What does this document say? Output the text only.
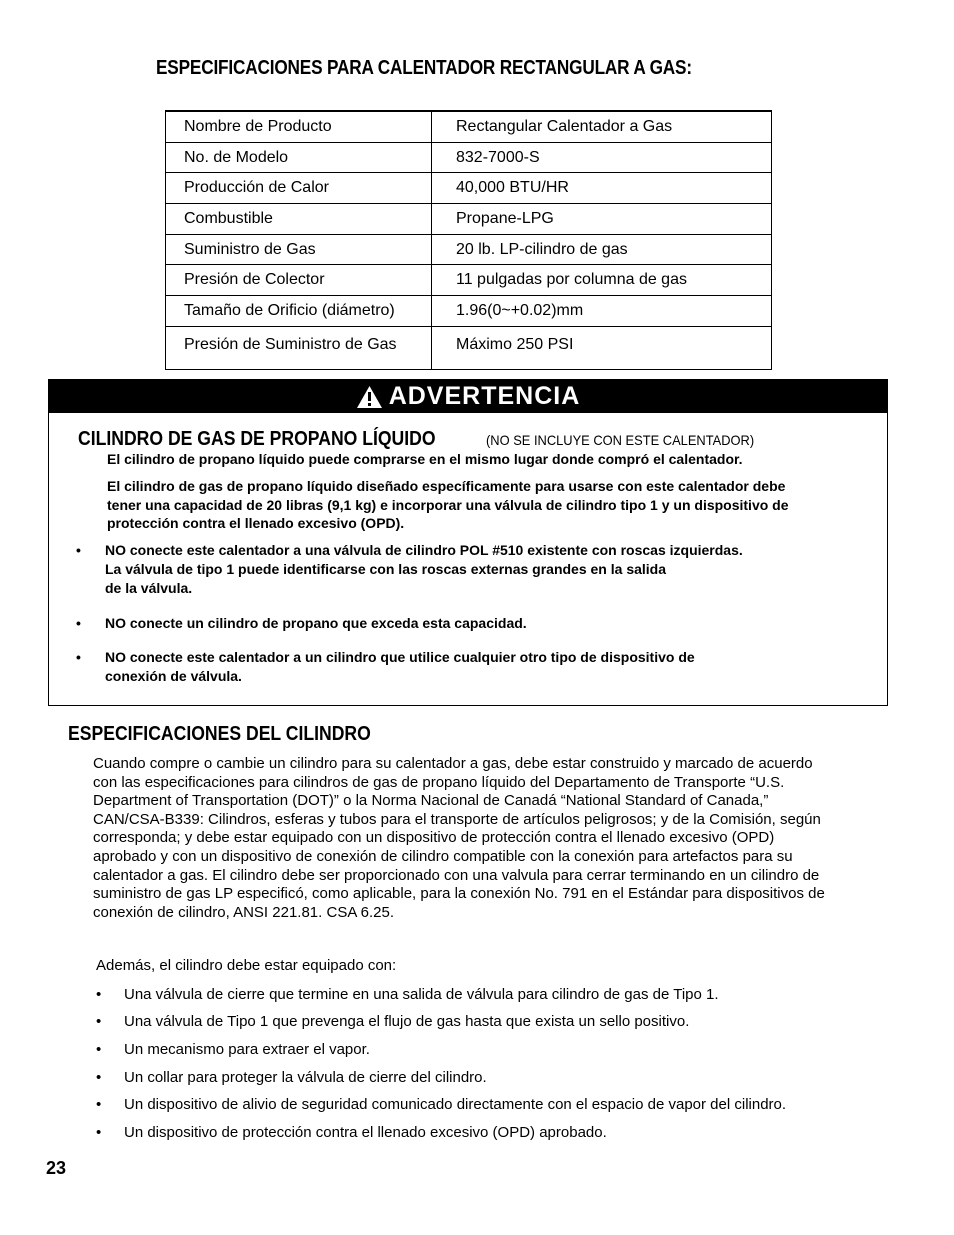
ESPECIFICACIONES PARA CALENTADOR RECTANGULAR A GAS:
Nombre de Producto	Rectangular Calentador a Gas
No. de Modelo	832-7000-S
Producción de Calor	40,000 BTU/HR
Combustible	Propane-LPG
Suministro de Gas	20 lb. LP-cilindro de gas
Presión de Colector	11 pulgadas por columna de gas
Tamaño de Orificio (diámetro)	1.96(0~+0.02)mm
Presión de Suministro de Gas	Máximo 250 PSI
ADVERTENCIA
CILINDRO DE GAS DE PROPANO LÍQUIDO	(NO SE INCLUYE CON ESTE CALENTADOR)
El cilindro de propano líquido puede comprarse en el mismo lugar donde compró el calentador.
El cilindro de gas de propano líquido diseñado específicamente para usarse con este calentador debe
tener una capacidad de 20 libras (9,1 kg) e incorporar una válvula de cilindro tipo 1 y un dispositivo de
protección contra el llenado excesivo (OPD).
• NO conecte este calentador a una válvula de cilindro POL #510 existente con roscas izquierdas.
La válvula de tipo 1 puede identificarse con las roscas externas grandes en la salida
de la válvula.
• NO conecte un cilindro de propano que exceda esta capacidad.
• NO conecte este calentador a un cilindro que utilice cualquier otro tipo de dispositivo de
conexión de válvula.
ESPECIFICACIONES DEL CILINDRO
Cuando compre o cambie un cilindro para su calentador a gas, debe estar construido y marcado de acuerdo
con las especificaciones para cilindros de gas de propano líquido del Departamento de Transporte “U.S.
Department of Transportation (DOT)” o la Norma Nacional de Canadá “National Standard of Canada,”
CAN/CSA-B339: Cilindros, esferas y tubos para el transporte de artículos peligrosos; y de la Comisión, según
corresponda; y debe estar equipado con un dispositivo de protección contra el llenado excesivo (OPD)
aprobado y con un dispositivo de conexión de cilindro compatible con la conexión para artefactos para su
calentador a gas. El cilindro debe ser proporcionado con una valvula para cerrar terminando en un cilindro de
suministro de gas LP especificó, como aplicable, para la conexión No. 791 en el Estándar para dispositivos de
conexión de cilindro, ANSI 221.81. CSA 6.25.
Además, el cilindro debe estar equipado con:
• Una válvula de cierre que termine en una salida de válvula para cilindro de gas de Tipo 1.
• Una válvula de Tipo 1 que prevenga el flujo de gas hasta que exista un sello positivo.
• Un mecanismo para extraer el vapor.
• Un collar para proteger la válvula de cierre del cilindro.
• Un dispositivo de alivio de seguridad comunicado directamente con el espacio de vapor del cilindro.
• Un dispositivo de protección contra el llenado excesivo (OPD) aprobado.
23
